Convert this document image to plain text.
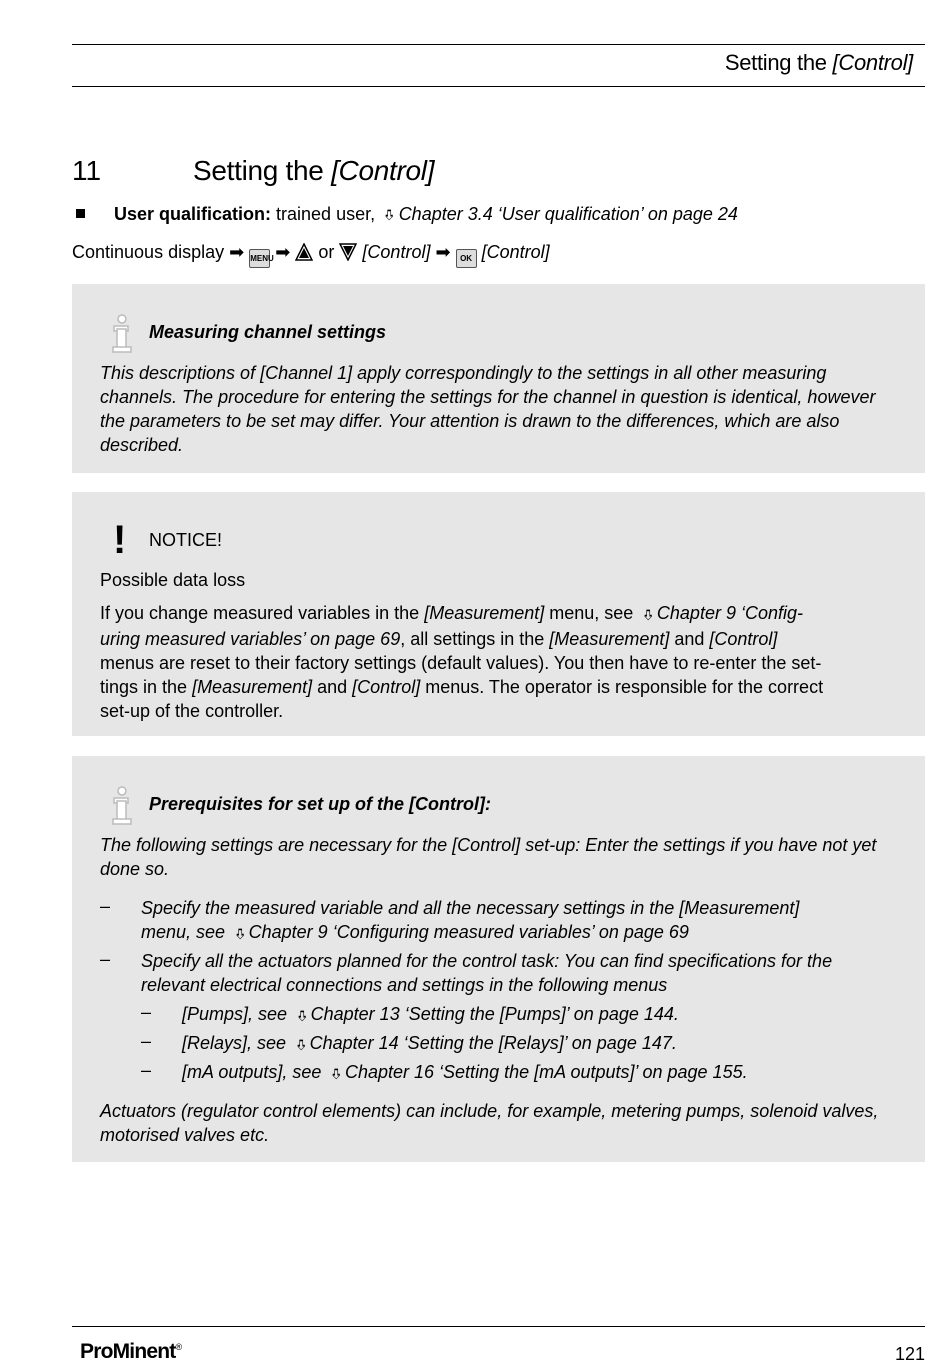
Setting the [Control]
11	Setting the [Control]
User qualification: trained user, ➪Chapter 3.4 ‘User qualification’ on page 24
Continuous display ➡ MENU ➡ or [Control] ➡ OK [Control]
Measuring channel settings
This descriptions of [Channel 1] apply correspondingly to the settings in all other measuring channels. The procedure for entering the settings for the channel in question is identical, however the parameters to be set may differ. Your attention is drawn to the differences, which are also described.
! NOTICE!
Possible data loss
If you change measured variables in the [Measurement] menu, see ➪Chapter 9 ‘Config-
uring measured variables’ on page 69, all settings in the [Measurement] and [Control]
menus are reset to their factory settings (default values). You then have to re-enter the set-
tings in the [Measurement] and [Control] menus. The operator is responsible for the correct
set-up of the controller.
Prerequisites for set up of the [Control]:
The following settings are necessary for the [Control] set-up: Enter the settings if you have not yet done so.
– Specify the measured variable and all the necessary settings in the [Measurement]
menu, see ➪Chapter 9 ‘Configuring measured variables’ on page 69
– Specify all the actuators planned for the control task: You can find specifications for the
relevant electrical connections and settings in the following menus
– [Pumps], see ➪Chapter 13 ‘Setting the [Pumps]’ on page 144.
– [Relays], see ➪Chapter 14 ‘Setting the [Relays]’ on page 147.
– [mA outputs], see ➪Chapter 16 ‘Setting the [mA outputs]’ on page 155.
Actuators (regulator control elements) can include, for example, metering pumps, solenoid valves, motorised valves etc.
ProMinent®	121
